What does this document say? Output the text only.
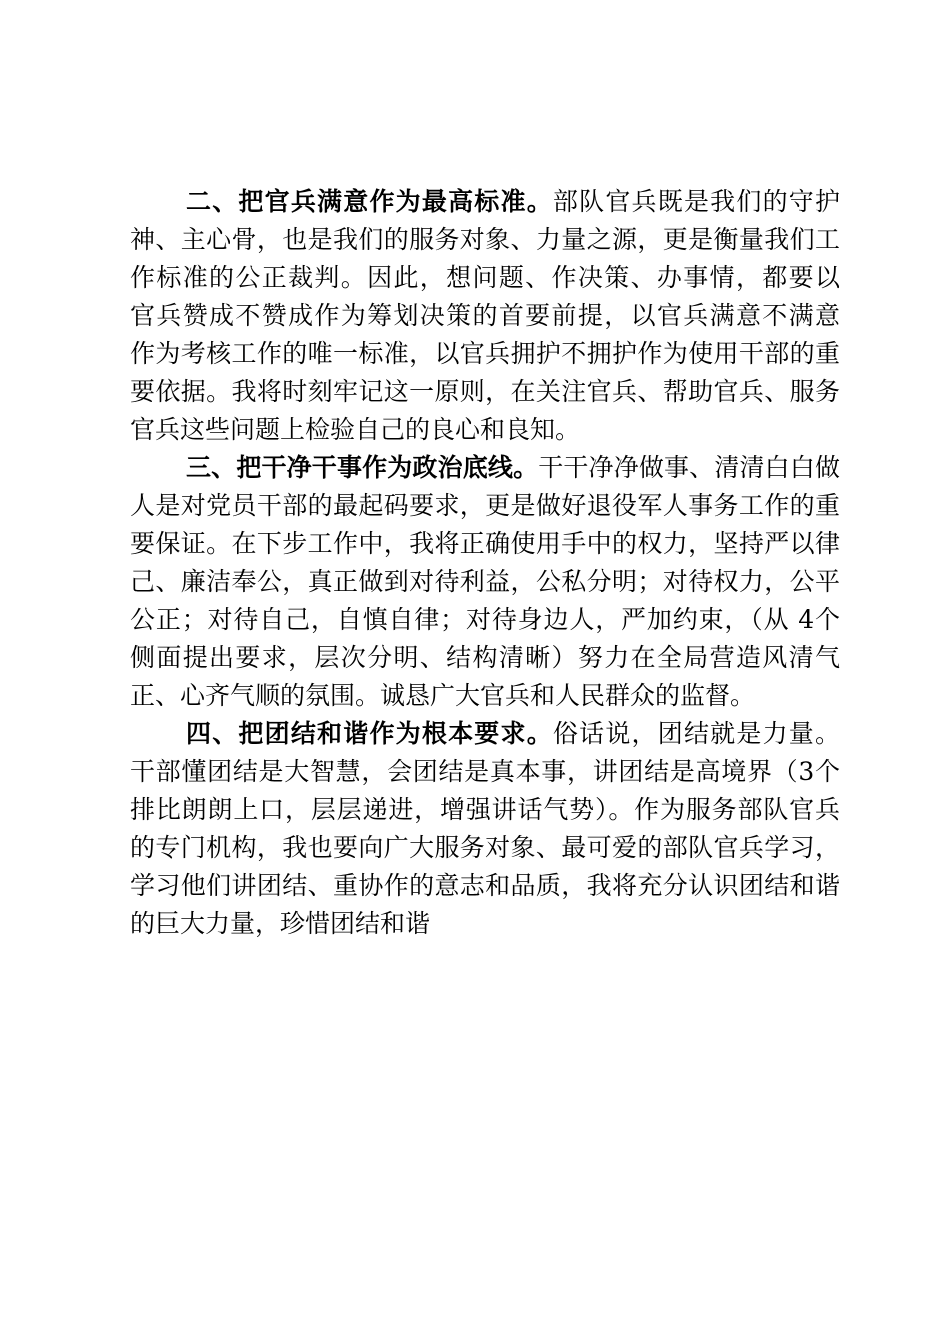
二、把官兵满意作为最高标准。部队官兵既是我们的守护
神、主心骨，也是我们的服务对象、力量之源，更是衡量我们工
作标准的公正裁判。因此，想问题、作决策、办事情，都要以
官兵赞成不赞成作为筹划决策的首要前提，以官兵满意不满意
作为考核工作的唯一标准，以官兵拥护不拥护作为使用干部的重
要依据。我将时刻牢记这一原则，在关注官兵、帮助官兵、服务
官兵这些问题上检验自己的良心和良知。
三、把干净干事作为政治底线。干干净净做事、清清白白做
人是对党员干部的最起码要求，更是做好退役军人事务工作的重
要保证。在下步工作中，我将正确使用手中的权力，坚持严以律
己、廉洁奉公，真正做到对待利益，公私分明；对待权力，公平
公正；对待自己，自慎自律；对待身边人，严加约束，（从 4个
侧面提出要求，层次分明、结构清晰）努力在全局营造风清气
正、心齐气顺的氛围。诚恳广大官兵和人民群众的监督。
四、把团结和谐作为根本要求。俗话说，团结就是力量。
干部懂团结是大智慧，会团结是真本事，讲团结是高境界（3个
排比朗朗上口，层层递进，增强讲话气势）。作为服务部队官兵
的专门机构，我也要向广大服务对象、最可爱的部队官兵学习，
学习他们讲团结、重协作的意志和品质，我将充分认识团结和谐
的巨大力量，珍惜团结和谐
